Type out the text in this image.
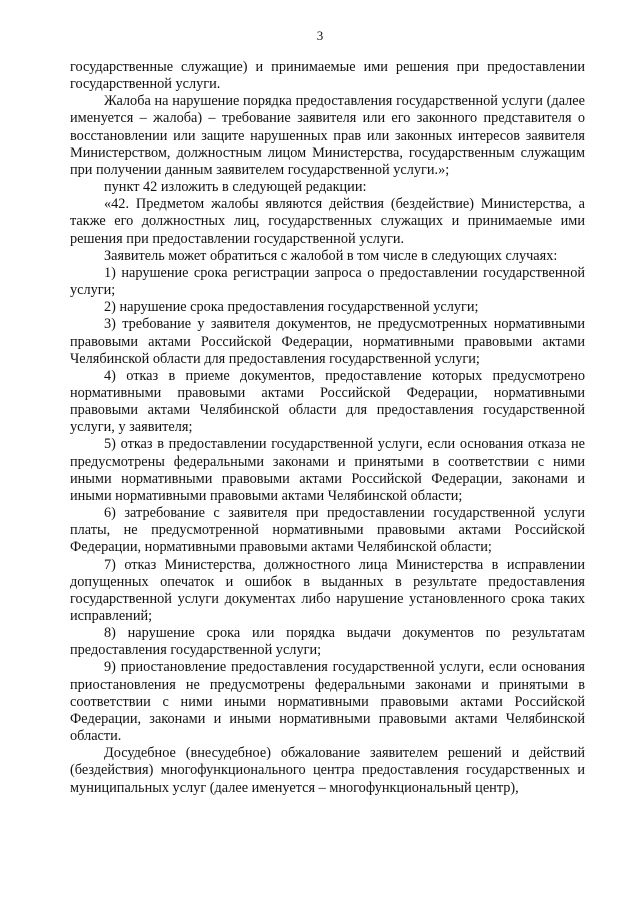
3

государственные служащие) и принимаемые ими решения при предоставлении государственной услуги.

Жалоба на нарушение порядка предоставления государственной услуги (далее именуется – жалоба) – требование заявителя или его законного представителя о восстановлении или защите нарушенных прав или законных интересов заявителя Министерством, должностным лицом Министерства, государственным служащим при получении данным заявителем государственной услуги.»;

пункт 42 изложить в следующей редакции:

«42. Предметом жалобы являются действия (бездействие) Министерства, а также его должностных лиц, государственных служащих и принимаемые ими решения при предоставлении государственной услуги.

Заявитель может обратиться с жалобой в том числе в следующих случаях:

1) нарушение срока регистрации запроса о предоставлении государственной услуги;

2) нарушение срока предоставления государственной услуги;

3) требование у заявителя документов, не предусмотренных нормативными правовыми актами Российской Федерации, нормативными правовыми актами Челябинской области для предоставления государственной услуги;

4) отказ в приеме документов, предоставление которых предусмотрено нормативными правовыми актами Российской Федерации, нормативными правовыми актами Челябинской области для предоставления государственной услуги, у заявителя;

5) отказ в предоставлении государственной услуги, если основания отказа не предусмотрены федеральными законами и принятыми в соответствии с ними иными нормативными правовыми актами Российской Федерации, законами и иными нормативными правовыми актами Челябинской области;

6) затребование с заявителя при предоставлении государственной услуги платы, не предусмотренной нормативными правовыми актами Российской Федерации, нормативными правовыми актами Челябинской области;

7) отказ Министерства, должностного лица Министерства в исправлении допущенных опечаток и ошибок в выданных в результате предоставления государственной услуги документах либо нарушение установленного срока таких исправлений;

8) нарушение срока или порядка выдачи документов по результатам предоставления государственной услуги;

9) приостановление предоставления государственной услуги, если основания приостановления не предусмотрены федеральными законами и принятыми в соответствии с ними иными нормативными правовыми актами Российской Федерации, законами и иными нормативными правовыми актами Челябинской области.

Досудебное (внесудебное) обжалование заявителем решений и действий (бездействия) многофункционального центра предоставления государственных и муниципальных услуг (далее именуется – многофункциональный центр),
